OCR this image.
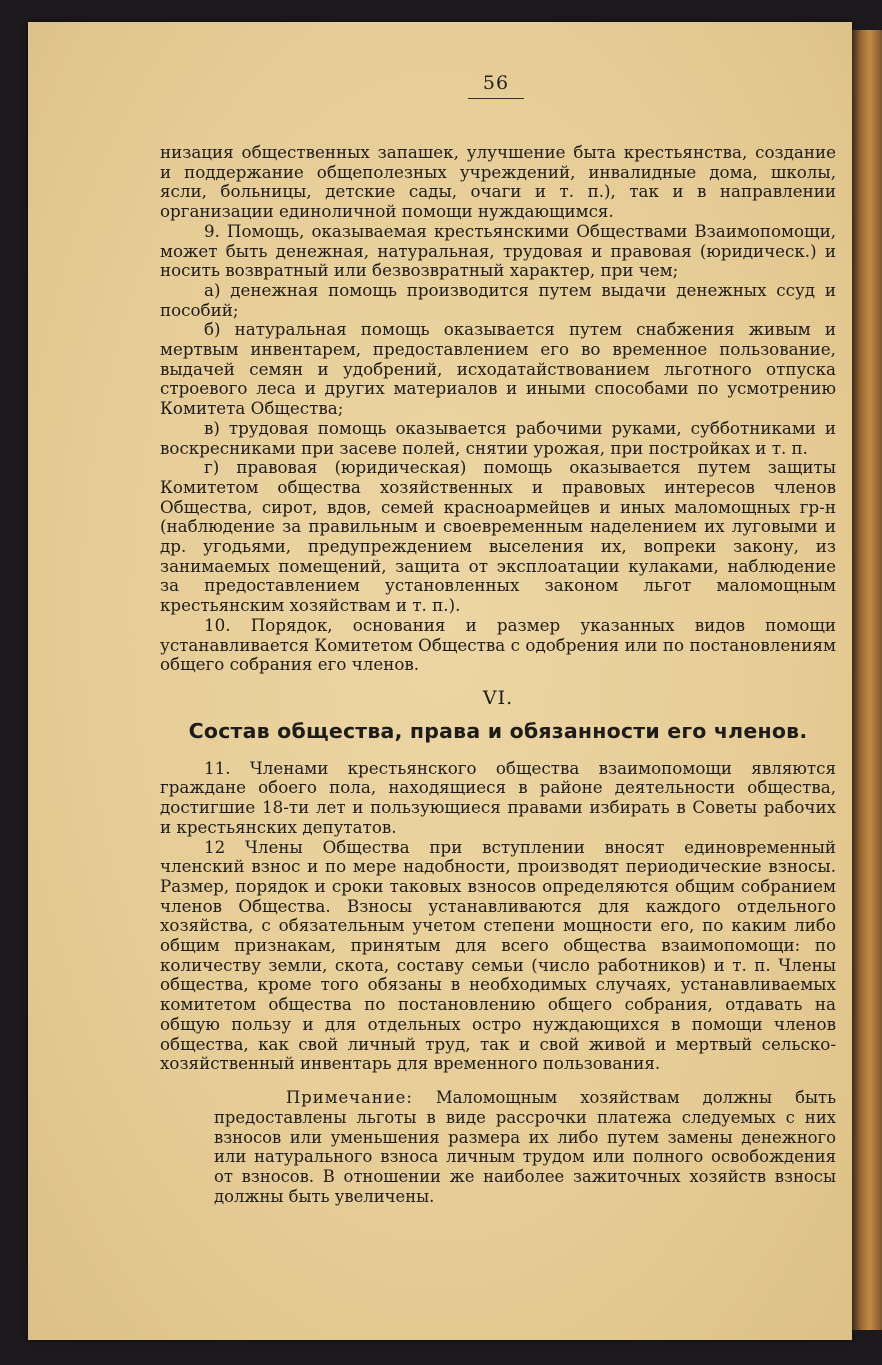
56

низация общественных запашек, улучшение быта крестьянства, создание и поддержание общеполезных учреждений, инвалидные дома, школы, ясли, больницы, детские сады, очаги и т. п.), так и в направлении организации единоличной помощи нуждающимся.

9. Помощь, оказываемая крестьянскими Обществами Взаимопомощи, может быть денежная, натуральная, трудовая и правовая (юридическ.) и носить возвратный или безвозвратный характер, при чем;

а) денежная помощь производится путем выдачи денежных ссуд и пособий;

б) натуральная помощь оказывается путем снабжения живым и мертвым инвентарем, предоставлением его во временное пользование, выдачей семян и удобрений, исходатайствованием льготного отпуска строевого леса и других материалов и иными способами по усмотрению Комитета Общества;

в) трудовая помощь оказывается рабочими руками, субботниками и воскресниками при засеве полей, снятии урожая, при постройках и т. п.

г) правовая (юридическая) помощь оказывается путем защиты Комитетом общества хозяйственных и правовых интересов членов Общества, сирот, вдов, семей красноармейцев и иных маломощных гр-н (наблюдение за правильным и своевременным наделением их луговыми и др. угодьями, предупреждением выселения их, вопреки закону, из занимаемых помещений, защита от эксплоатации кулаками, наблюдение за предоставлением установленных законом льгот маломощным крестьянским хозяйствам и т. п.).

10. Порядок, основания и размер указанных видов помощи устанавливается Комитетом Общества с одобрения или по постановлениям общего собрания его членов.

VI.

Состав общества, права и обязанности его членов.

11. Членами крестьянского общества взаимопомощи являются граждане обоего пола, находящиеся в районе деятельности общества, достигшие 18-ти лет и пользующиеся правами избирать в Советы рабочих и крестьянских депутатов.

12 Члены Общества при вступлении вносят единовременный членский взнос и по мере надобности, производят периодические взносы. Размер, порядок и сроки таковых взносов определяются общим собранием членов Общества. Взносы устанавливаются для каждого отдельного хозяйства, с обязательным учетом степени мощности его, по каким либо общим признакам, принятым для всего общества взаимопомощи: по количеству земли, скота, составу семьи (число работников) и т. п. Члены общества, кроме того обязаны в необходимых случаях, устанавливаемых комитетом общества по постановлению общего собрания, отдавать на общую пользу и для отдельных остро нуждающихся в помощи членов общества, как свой личный труд, так и свой живой и мертвый сельско-хозяйственный инвентарь для временного пользования.

Примечание: Маломощным хозяйствам должны быть предоставлены льготы в виде рассрочки платежа следуемых с них взносов или уменьшения размера их либо путем замены денежного или натурального взноса личным трудом или полного освобождения от взносов. В отношении же наиболее зажиточных хозяйств взносы должны быть увеличены.
